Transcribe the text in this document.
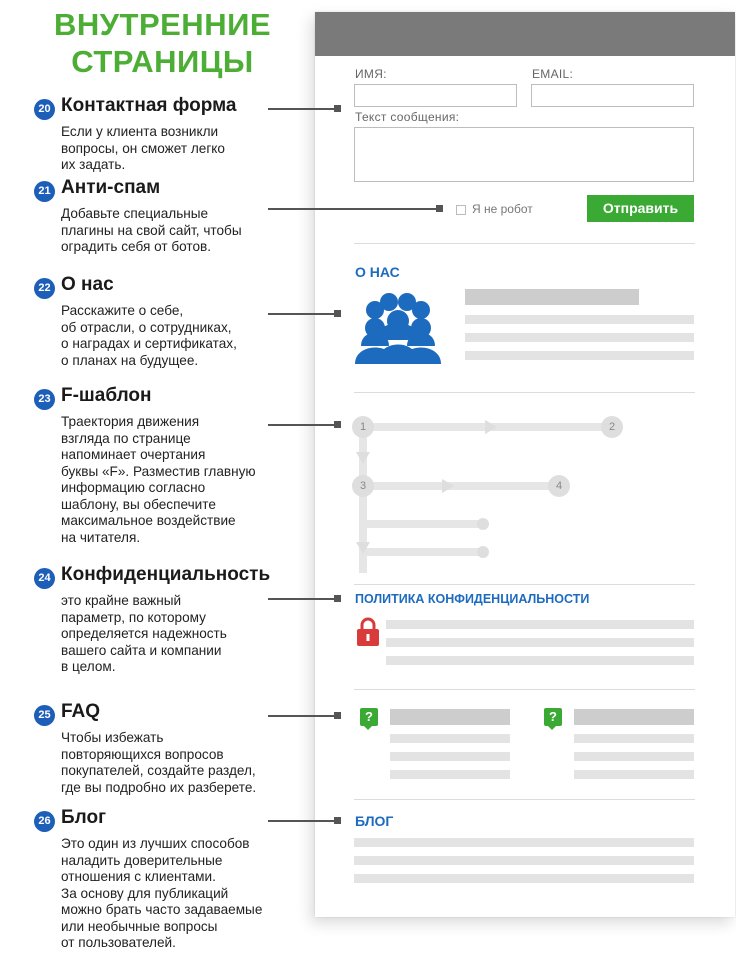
ВНУТРЕННИЕ
СТРАНИЦЫ
20 Контактная форма
Если у клиента возникли
вопросы, он сможет легко
их задать.
21 Анти-спам
Добавьте специальные
плагины на свой сайт, чтобы
оградить себя от ботов.
22 О нас
Расскажите о себе,
об отрасли, о сотрудниках,
о наградах и сертификатах,
о планах на будущее.
23 F-шаблон
Траектория движения
взгляда по странице
напоминает очертания
буквы «F». Разместив главную
информацию согласно
шаблону, вы обеспечите
максимальное воздействие
на читателя.
24 Конфиденциальность
это крайне важный
параметр, по которому
определяется надежность
вашего сайта и компании
в целом.
25 FAQ
Чтобы избежать
повторяющихся вопросов
покупателей, создайте раздел,
где вы подробно их разберете.
26 Блог
Это один из лучших способов
наладить доверительные
отношения с клиентами.
За основу для публикаций
можно брать часто задаваемые
или необычные вопросы
от пользователей.
ИМЯ:	EMAIL:
Текст сообщения:
Я не робот	Отправить
О НАС
1	2
3	4
ПОЛИТИКА КОНФИДЕНЦИАЛЬНОСТИ
?	?
БЛОГ
